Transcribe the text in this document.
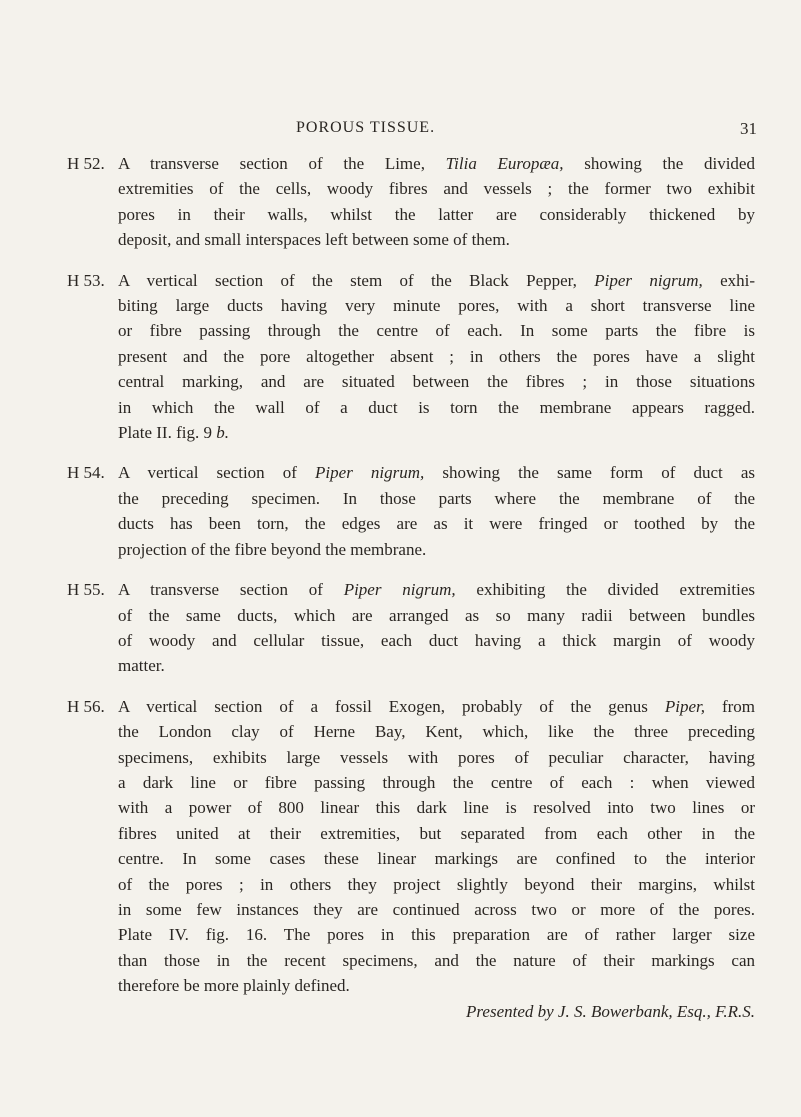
POROUS TISSUE.	31
H 52. A transverse section of the Lime, Tilia Europæa, showing the divided
extremities of the cells, woody fibres and vessels ; the former two exhibit
pores in their walls, whilst the latter are considerably thickened by
deposit, and small interspaces left between some of them.
H 53. A vertical section of the stem of the Black Pepper, Piper nigrum, exhi-
biting large ducts having very minute pores, with a short transverse line
or fibre passing through the centre of each. In some parts the fibre is
present and the pore altogether absent ; in others the pores have a slight
central marking, and are situated between the fibres ; in those situations
in which the wall of a duct is torn the membrane appears ragged.
Plate II. fig. 9 b.
H 54. A vertical section of Piper nigrum, showing the same form of duct as
the preceding specimen. In those parts where the membrane of the
ducts has been torn, the edges are as it were fringed or toothed by the
projection of the fibre beyond the membrane.
H 55. A transverse section of Piper nigrum, exhibiting the divided extremities
of the same ducts, which are arranged as so many radii between bundles
of woody and cellular tissue, each duct having a thick margin of woody
matter.
H 56. A vertical section of a fossil Exogen, probably of the genus Piper, from
the London clay of Herne Bay, Kent, which, like the three preceding
specimens, exhibits large vessels with pores of peculiar character, having
a dark line or fibre passing through the centre of each : when viewed
with a power of 800 linear this dark line is resolved into two lines or
fibres united at their extremities, but separated from each other in the
centre. In some cases these linear markings are confined to the interior
of the pores ; in others they project slightly beyond their margins, whilst
in some few instances they are continued across two or more of the pores.
Plate IV. fig. 16. The pores in this preparation are of rather larger size
than those in the recent specimens, and the nature of their markings can
therefore be more plainly defined.
Presented by J. S. Bowerbank, Esq., F.R.S.
